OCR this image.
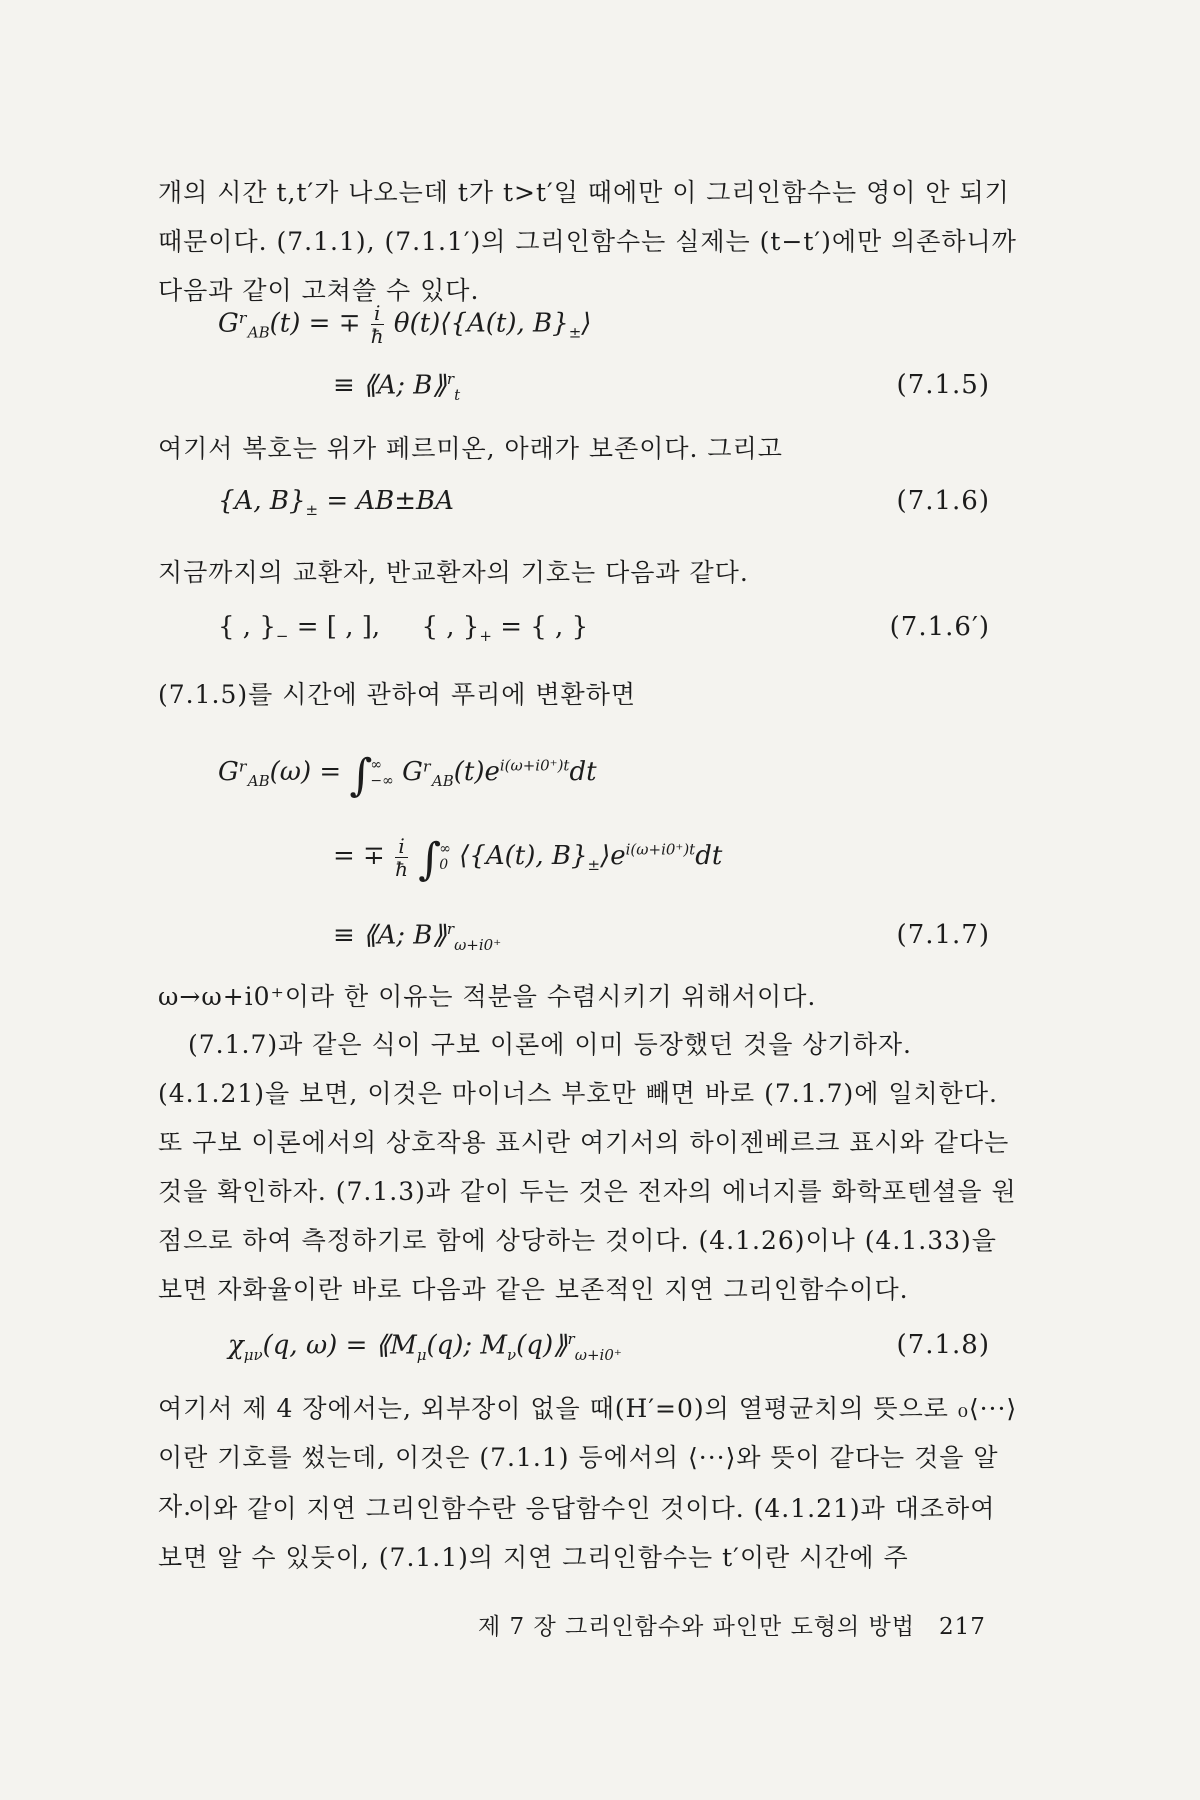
개의 시간 t,t′가 나오는데 t가 t>t′일 때에만 이 그리인함수는 영이 안 되기 때문이다. (7.1.1), (7.1.1′)의 그리인함수는 실제는 (t−t′)에만 의존하니까 다음과 같이 고쳐쓸 수 있다.

Gʳ$_{AB}$(t) = ∓ $\frac{i}{ħ}$ θ(t)⟨{A(t), $B\}_\pm⟩$
≡ ⟪A; B⟫$^r_t$	(7.1.5)

여기서 복호는 위가 페르미온, 아래가 보존이다. 그리고

{A, $B\}_\pm = AB\pm BA$	(7.1.6)

지금까지의 교환자, 반교환자의 기호는 다음과 같다.

{ , }$_-$ = [ , ], { , }$_+$ = { , }	(7.1.6′)

(7.1.5)를 시간에 관하여 푸리에 변환하면

Gʳ$_{AB}$(ω) = ∫
∞
−∞ $Gʳ_{AB}(t)e^{i(\omega+i0^+)t}dt$
= ∓ $\frac{i}{ħ}$ ∫
∞
0 ⟨{A(t), $B\}_\pm⟩e^{i(\omega+i0^+)t}dt$
≡ ⟪A; B⟫$^r_{\omega+i0^+}$	(7.1.7)

ω→ω+i0⁺이라 한 이유는 적분을 수렴시키기 위해서이다.

(7.1.7)과 같은 식이 구보 이론에 이미 등장했던 것을 상기하자. (4.1.21)을 보면, 이것은 마이너스 부호만 빼면 바로 (7.1.7)에 일치한다. 또 구보 이론에서의 상호작용 표시란 여기서의 하이젠베르크 표시와 같다는 것을 확인하자. (7.1.3)과 같이 두는 것은 전자의 에너지를 화학포텐셜을 원점으로 하여 측정하기로 함에 상당하는 것이다. (4.1.26)이나 (4.1.33)을 보면 자화율이란 바로 다음과 같은 보존적인 지연 그리인함수이다.

$\chi_{\mu\nu}(q$, $\omega) = ⟪M_\mu(q)$; $M_\nu(q)⟫^r_{\omega+i0^+}$	(7.1.8)

여기서 제 4 장에서는, 외부장이 없을 때(H′=0)의 열평균치의 뜻으로 ₀⟨···⟩이란 기호를 썼는데, 이것은 (7.1.1) 등에서의 ⟨···⟩와 뜻이 같다는 것을 알자.

이와 같이 지연 그리인함수란 응답함수인 것이다. (4.1.21)과 대조하여 보면 알 수 있듯이, (7.1.1)의 지연 그리인함수는 t′이란 시간에 주

제 7 장 그리인함수와 파인만 도형의 방법 217
